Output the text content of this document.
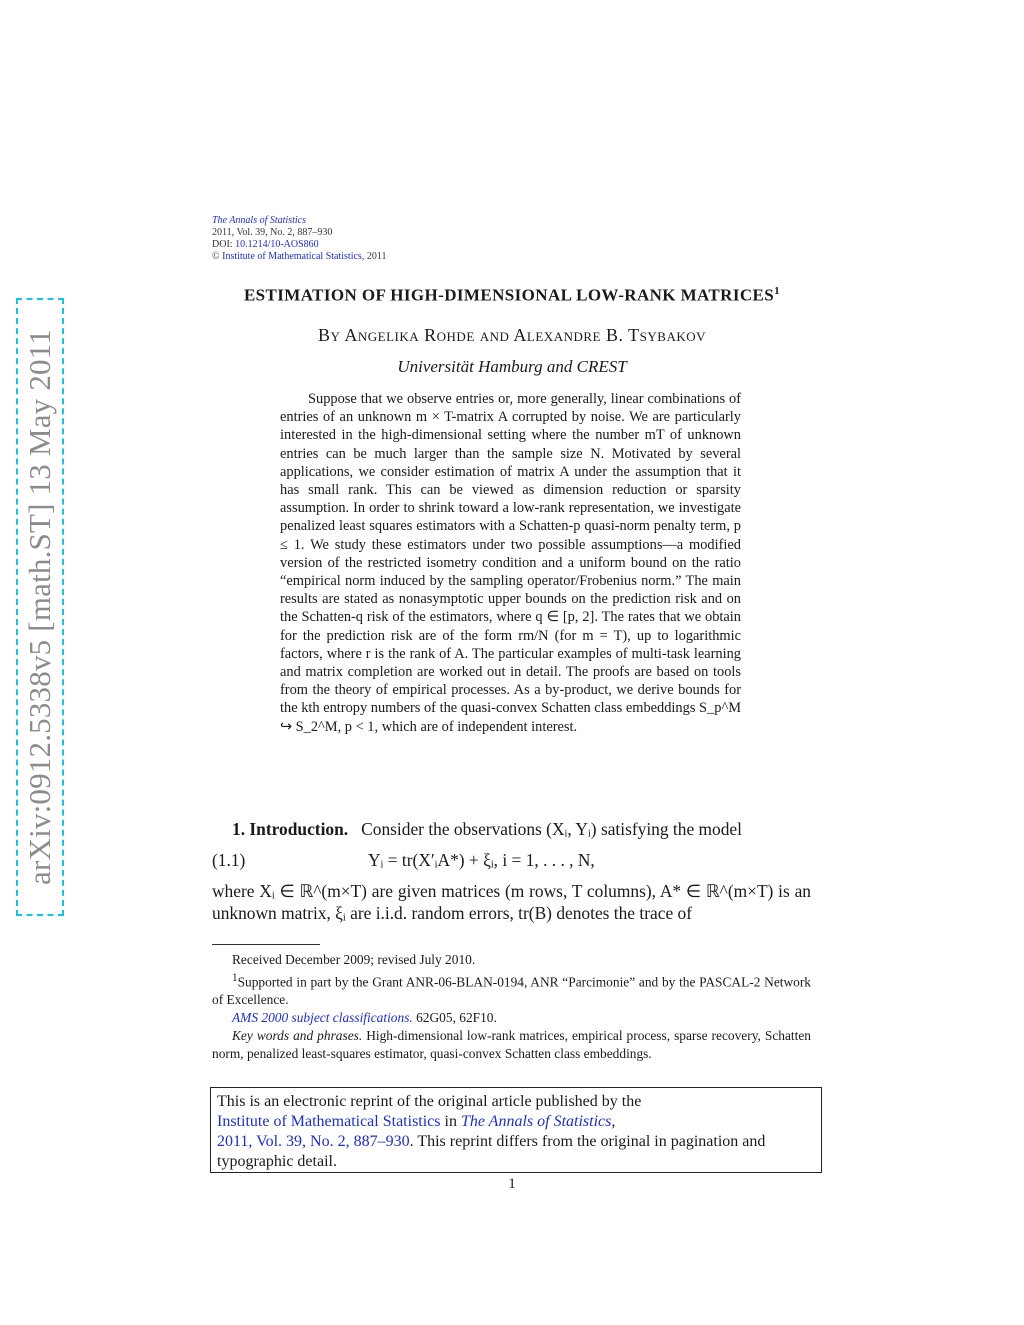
arXiv:0912.5338v5 [math.ST] 13 May 2011
The Annals of Statistics
2011, Vol. 39, No. 2, 887–930
DOI: 10.1214/10-AOS860
© Institute of Mathematical Statistics, 2011
ESTIMATION OF HIGH-DIMENSIONAL LOW-RANK MATRICES$^1$
By Angelika Rohde and Alexandre B. Tsybakov
Universität Hamburg and CREST
Suppose that we observe entries or, more generally, linear combinations of entries of an unknown m × T-matrix A corrupted by noise. We are particularly interested in the high-dimensional setting where the number mT of unknown entries can be much larger than the sample size N. Motivated by several applications, we consider estimation of matrix A under the assumption that it has small rank. This can be viewed as dimension reduction or sparsity assumption. In order to shrink toward a low-rank representation, we investigate penalized least squares estimators with a Schatten-p quasi-norm penalty term, p ≤ 1. We study these estimators under two possible assumptions—a modified version of the restricted isometry condition and a uniform bound on the ratio “empirical norm induced by the sampling operator/Frobenius norm.” The main results are stated as nonasymptotic upper bounds on the prediction risk and on the Schatten-q risk of the estimators, where q ∈ [p, 2]. The rates that we obtain for the prediction risk are of the form rm/N (for m = T), up to logarithmic factors, where r is the rank of A. The particular examples of multi-task learning and matrix completion are worked out in detail. The proofs are based on tools from the theory of empirical processes. As a by-product, we derive bounds for the kth entropy numbers of the quasi-convex Schatten class embeddings S_p^M ↪ S_2^M, p < 1, which are of independent interest.
1. Introduction. Consider the observations (Xᵢ, Yᵢ) satisfying the model
(1.1)	Yᵢ = tr(X′ᵢA*) + ξᵢ, i = 1, . . . , N,
where Xᵢ ∈ ℝ^(m×T) are given matrices (m rows, T columns), A* ∈ ℝ^(m×T) is an unknown matrix, ξᵢ are i.i.d. random errors, tr(B) denotes the trace of

Received December 2009; revised July 2010.

$^1$Supported in part by the Grant ANR-06-BLAN-0194, ANR “Parcimonie” and by the PASCAL-2 Network of Excellence.

AMS 2000 subject classifications. 62G05, 62F10.

Key words and phrases. High-dimensional low-rank matrices, empirical process, sparse recovery, Schatten norm, penalized least-squares estimator, quasi-convex Schatten class embeddings.

This is an electronic reprint of the original article published by the
Institute of Mathematical Statistics in The Annals of Statistics,
2011, Vol. 39, No. 2, 887–930. This reprint differs from the original in pagination and typographic detail.
1
